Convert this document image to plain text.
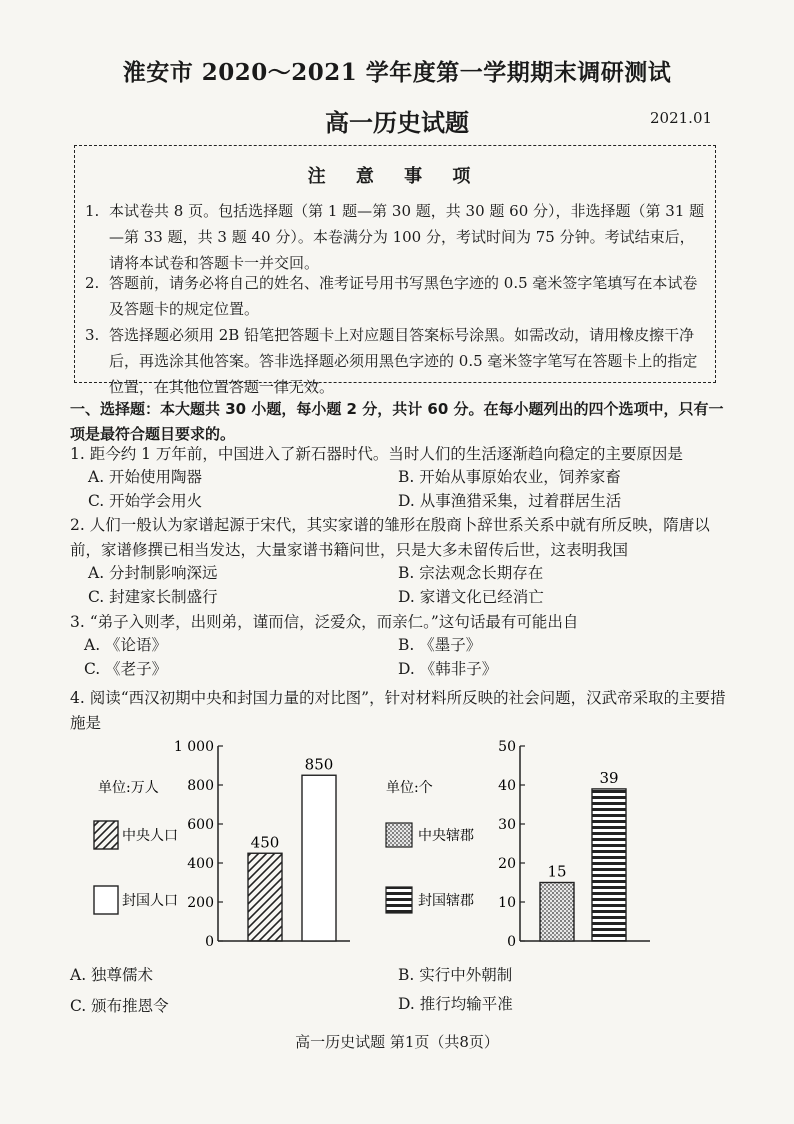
淮安市 2020～2021 学年度第一学期期末调研测试
高一历史试题	2021.01
注 意 事 项
1. 本试卷共 8 页。包括选择题（第 1 题—第 30 题，共 30 题 60 分），非选择题（第 31 题—第 33 题，共 3 题 40 分）。本卷满分为 100 分，考试时间为 75 分钟。考试结束后，请将本试卷和答题卡一并交回。
2. 答题前，请务必将自己的姓名、准考证号用书写黑色字迹的 0.5 毫米签字笔填写在本试卷及答题卡的规定位置。
3. 答选择题必须用 2B 铅笔把答题卡上对应题目答案标号涂黑。如需改动，请用橡皮擦干净后，再选涂其他答案。答非选择题必须用黑色字迹的 0.5 毫米签字笔写在答题卡上的指定位置，在其他位置答题一律无效。
一、选择题：本大题共 30 小题，每小题 2 分，共计 60 分。在每小题列出的四个选项中，只有一项是最符合题目要求的。
1. 距今约 1 万年前，中国进入了新石器时代。当时人们的生活逐渐趋向稳定的主要原因是
A. 开始使用陶器	B. 开始从事原始农业，饲养家畜
C. 开始学会用火	D. 从事渔猎采集，过着群居生活
2. 人们一般认为家谱起源于宋代，其实家谱的雏形在殷商卜辞世系关系中就有所反映，隋唐以前，家谱修撰已相当发达，大量家谱书籍问世，只是大多未留传后世，这表明我国
A. 分封制影响深远	B. 宗法观念长期存在
C. 封建家长制盛行	D. 家谱文化已经消亡
3. “弟子入则孝，出则弟，谨而信，泛爱众，而亲仁。”这句话最有可能出自
A. 《论语》	B. 《墨子》
C. 《老子》	D. 《韩非子》
4. 阅读“西汉初期中央和封国力量的对比图”，针对材料所反映的社会问题，汉武帝采取的主要措施是
0
200
400
600
800
1 000
450
850
单位:万人
中央人口
封国人口
0
10
20
30
40
50
15
39
单位:个
中央辖郡
封国辖郡
A. 独尊儒术	B. 实行中外朝制
C. 颁布推恩令	D. 推行均输平准
高一历史试题 第1页（共8页）
